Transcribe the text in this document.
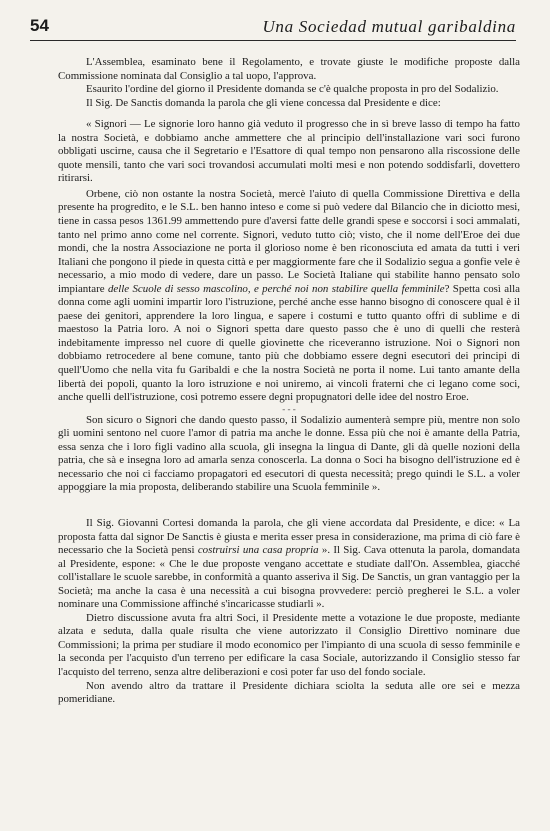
54	Una Sociedad mutual garibaldina

L'Assemblea, esaminato bene il Regolamento, e trovate giuste le modifiche proposte dalla Commissione nominata dal Consiglio a tal uopo, l'approva.

Esaurito l'ordine del giorno il Presidente domanda se c'è qualche proposta in pro del Sodalizio.

Il Sig. De Sanctis domanda la parola che gli viene concessa dal Presidente e dice:

« Signori — Le signorie loro hanno già veduto il progresso che in sì breve lasso di tempo ha fatto la nostra Società, e dobbiamo anche ammettere che al principio dell'installazione vari soci furono obbligati uscirne, causa che il Segretario e l'Esattore di qual tempo non pensarono alla riscossione delle quote mensili, tanto che vari soci trovandosi accumulati molti mesi e non potendo soddisfarli, dovettero ritirarsi.

Orbene, ciò non ostante la nostra Società, mercè l'aiuto di quella Commissione Direttiva e della presente ha progredito, e le S.L. ben hanno inteso e come si può vedere dal Bilancio che in diciotto mesi, tiene in cassa pesos 1361.99 ammettendo pure d'aversi fatte delle grandi spese e soccorsi i soci ammalati, tanto nel primo anno come nel corrente. Signori, veduto tutto ciò; visto, che il nome dell'Eroe dei due mondi, che la nostra Associazione ne porta il glorioso nome è ben riconosciuta ed amata da tutti i veri Italiani che pongono il piede in questa città e per maggiormente fare che il Sodalizio segua a gonfie vele è necessario, a mio modo di vedere, dare un passo. Le Società Italiane qui stabilite hanno pensato solo impiantare delle Scuole di sesso mascolino, e perché noi non stabilire quella femminile? Spetta così alla donna come agli uomini impartir loro l'istruzione, perché anche esse hanno bisogno di conoscere qual è il paese dei genitori, apprendere la loro lingua, e sapere i costumi e tutto quanto offrì di sublime e di maestoso la Patria loro. A noi o Signori spetta dare questo passo che è uno di quelli che resterà indebitamente impresso nel cuore di quelle giovinette che riceveranno istruzione. Noi o Signori non dobbiamo retrocedere al bene comune, tanto più che dobbiamo essere degni esecutori dei principi di quell'Uomo che nella vita fu Garibaldi e che la nostra Società ne porta il nome. Lui tanto amante della libertà dei popoli, quanto la loro istruzione e noi uniremo, ai vincoli fraterni che ci legano come soci, anche quelli dell'istruzione, così potremo essere degni propugnatori delle idee del nostro Eroe.

- - -

Son sicuro o Signori che dando questo passo, il Sodalizio aumenterà sempre più, mentre non solo gli uomini sentono nel cuore l'amor di patria ma anche le donne. Essa più che noi è amante della Patria, essa senza che i loro figli vadino alla scuola, gli insegna la lingua di Dante, gli dà quelle nozioni della patria, che sà e insegna loro ad amarla senza conoscerla. La donna o Soci ha bisogno dell'istruzione ed è necessario che noi ci facciamo propagatori ed esecutori di questa necessità; prego quindi le S.L. a voler appoggiare la mia proposta, deliberando stabilire una Scuola femminile ».

Il Sig. Giovanni Cortesi domanda la parola, che gli viene accordata dal Presidente, e dice: « La proposta fatta dal signor De Sanctis è giusta e merita esser presa in considerazione, ma prima di ciò fare è necessario che la Società pensi costruirsi una casa propria ». Il Sig. Cava ottenuta la parola, domandata al Presidente, espone: « Che le due proposte vengano accettate e studiate dall'On. Assemblea, giacché coll'istallare le scuole sarebbe, in conformità a quanto asseriva il Sig. De Sanctis, un gran vantaggio per la Società; ma anche la casa è una necessità a cui bisogna provvedere: perciò pregherei le S.L. a voler nominare una Commissione affinché s'incaricasse studiarli ».

Dietro discussione avuta fra altri Soci, il Presidente mette a votazione le due proposte, mediante alzata e seduta, dalla quale risulta che viene autorizzato il Consiglio Direttivo nominare due Commissioni; la prima per studiare il modo economico per l'impianto di una scuola di sesso femminile e la seconda per l'acquisto d'un terreno per edificare la casa Sociale, autorizzando il Consiglio stesso far l'acquisto del terreno, senza altre deliberazioni e così poter far uso del fondo sociale.

Non avendo altro da trattare il Presidente dichiara sciolta la seduta alle ore sei e mezza pomeridiane.
